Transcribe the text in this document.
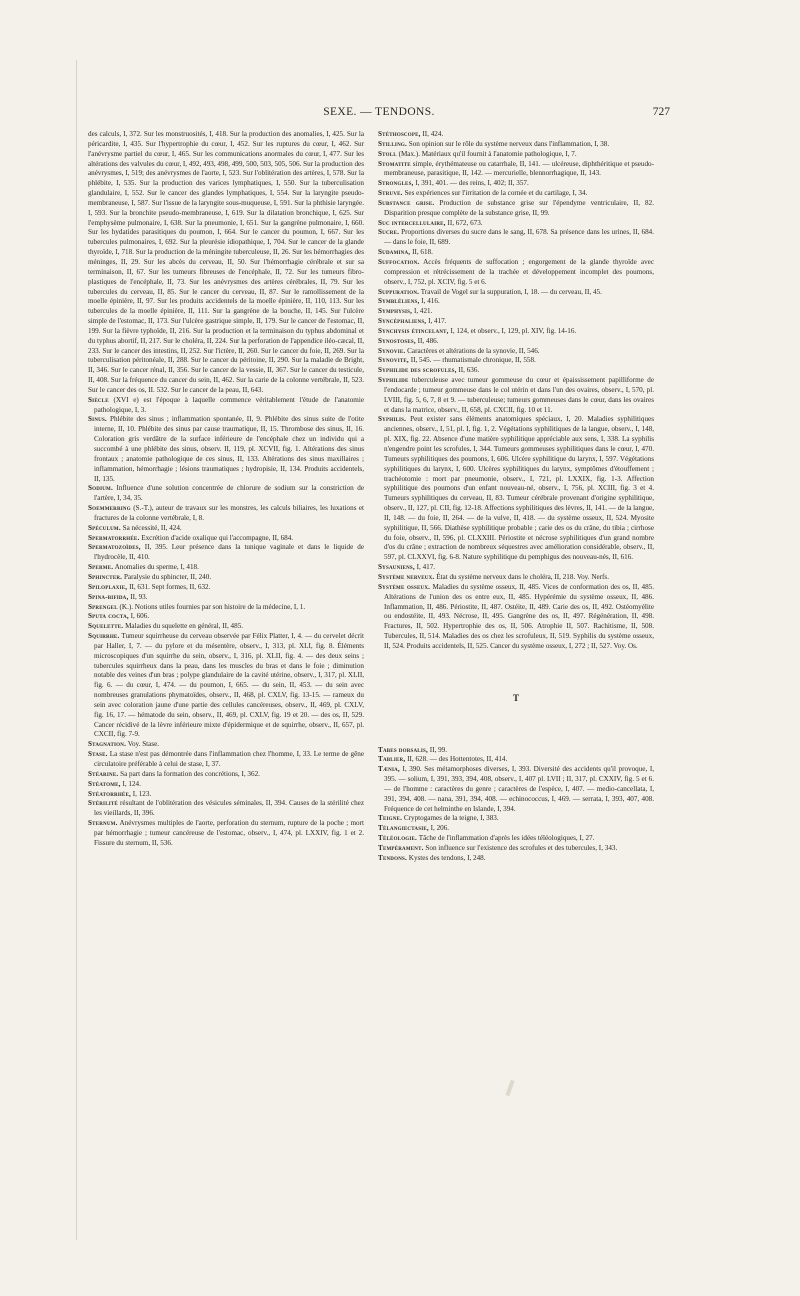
SEXE. — TENDONS.	727

des calculs, I, 372. Sur les monstruosités, I, 418. Sur la production des anomalies, I, 425. Sur la péricardite, I, 435. Sur l'hypertrophie du cœur, I, 452. Sur les ruptures du cœur, I, 462. Sur l'anévrysme partiel du cœur, I, 465. Sur les communications anormales du cœur, I, 477. Sur les altérations des valvules du cœur, I, 492, 493, 498, 499, 500, 503, 505, 506. Sur la production des anévrysmes, I, 519; des anévrysmes de l'aorte, I, 523. Sur l'oblitération des artères, I, 578. Sur la phlébite, I, 535. Sur la production des varices lymphatiques, I, 550. Sur la tuberculisation glandulaire, I, 552. Sur le cancer des glandes lymphatiques, I, 554. Sur la laryngite pseudo-membraneuse, I, 587. Sur l'issue de la laryngite sous-muqueuse, I, 591. Sur la phthisie laryngée. I, 593. Sur la bronchite pseudo-membraneuse, I, 619. Sur la dilatation bronchique, I, 625. Sur l'emphysème pulmonaire, I, 638. Sur la pneumonie, I, 651. Sur la gangrène pulmonaire, I, 660. Sur les hydatides parasitiques du poumon, I, 664. Sur le cancer du poumon, I, 667. Sur les tubercules pulmonaires, I, 692. Sur la pleurésie idiopathique, I, 704. Sur le cancer de la glande thyroïde, I, 718. Sur la production de la méningite tuberculeuse, II, 26. Sur les hémorrhagies des méninges, II, 29. Sur les abcès du cerveau, II, 50. Sur l'hémorrhagie cérébrale et sur sa terminaison, II, 67. Sur les tumeurs fibreuses de l'encéphale, II, 72. Sur les tumeurs fibro-plastiques de l'encéphale, II, 73. Sur les anévrysmes des artères cérébrales, II, 79. Sur les tubercules du cerveau, II, 85. Sur le cancer du cerveau, II, 87. Sur le ramollissement de la moelle épinière, II, 97. Sur les produits accidentels de la moelle épinière, II, 110, 113. Sur les tubercules de la moelle épinière, II, 111. Sur la gangrène de la bouche, II, 145. Sur l'ulcère simple de l'estomac, II, 173. Sur l'ulcère gastrique simple, II, 179. Sur le cancer de l'estomac, II, 199. Sur la fièvre typhoïde, II, 216. Sur la production et la terminaison du typhus abdominal et du typhus abortif, II, 217. Sur le choléra, II, 224. Sur la perforation de l'appendice iléo-cæcal, II, 233. Sur le cancer des intestins, II, 252. Sur l'ictère, II, 260. Sur le cancer du foie, II, 269. Sur la tuberculisation péritonéale, II, 288. Sur le cancer du péritoine, II, 290. Sur la maladie de Bright, II, 346. Sur le cancer rénal, II, 356. Sur le cancer de la vessie, II, 367. Sur le cancer du testicule, II, 408. Sur la fréquence du cancer du sein, II, 462. Sur la carie de la colonne vertébrale, II, 523. Sur le cancer des os, II. 532. Sur le cancer de la peau, II, 643.

Siècle (XVI e) est l'époque à laquelle commence véritablement l'étude de l'anatomie pathologique, I, 3.

Sinus. Phlébite des sinus ; inflammation spontanée, II, 9. Phlébite des sinus suite de l'otite interne, II, 10. Phlébite des sinus par cause traumatique, II, 15. Thrombose des sinus, II, 16. Coloration gris verdâtre de la surface inférieure de l'encéphale chez un individu qui a succombé à une phlébite des sinus, observ. II, 119, pl. XCVII, fig. 1. Altérations des sinus frontaux ; anatomie pathologique de ces sinus, II, 133. Altérations des sinus maxillaires ; inflammation, hémorrhagie ; lésions traumatiques ; hydropisie, II, 134. Produits accidentels, II, 135.

Sodium. Influence d'une solution concentrée de chlorure de sodium sur la constriction de l'artère, I, 34, 35.

Soemmerring (S.-T.), auteur de travaux sur les monstres, les calculs biliaires, les luxations et fractures de la colonne vertébrale, I, 8.

Spéculum. Sa nécessité, II, 424.

Spermatorrhée. Excrétion d'acide oxalique qui l'accompagne, II, 684.

Spermatozoïdes, II, 395. Leur présence dans la tunique vaginale et dans le liquide de l'hydrocèle, II, 410.

Sperme. Anomalies du sperme, I, 418.

Sphincter. Paralysie du sphincter, II, 240.

Spiloplaxie, II, 631. Sept formes, II, 632.

Spina-bifida, II, 93.

Sprengel (K.). Notions utiles fournies par son histoire de la médecine, I, 1.

Sputa cocta, I, 606.

Squelette. Maladies du squelette en général, II, 485.

Squirrhe. Tumeur squirrheuse du cerveau observée par Félix Platter, I, 4. — du cervelet décrit par Haller, I, 7. — du pylore et du mésentère, observ., I, 313, pl. XLI, fig. 8. Éléments microscopiques d'un squirrhe du sein, observ., I, 316, pl. XLII, fig. 4. — des deux seins ; tubercules squirrheux dans la peau, dans les muscles du bras et dans le foie ; diminution notable des veines d'un bras ; polype glandulaire de la cavité utérine, observ., I, 317, pl. XLII, fig. 6. — du cœur, I, 474. — du poumon, I, 665. — du sein, II, 453. — du sein avec nombreuses granulations phymatoïdes, observ., II, 468, pl. CXLV, fig. 13-15. — rameux du sein avec coloration jaune d'une partie des cellules cancéreuses, observ., II, 469, pl. CXLV, fig. 16, 17. — hématode du sein, observ., II, 469, pl. CXLV, fig. 19 et 20. — des os, II, 529. Cancer récidivé de la lèvre inférieure mixte d'épidermique et de squirrhe, observ., II, 657, pl. CXCII, fig. 7-9.

Stagnation. Voy. Stase.

Stase. La stase n'est pas démontrée dans l'inflammation chez l'homme, I, 33. Le terme de gêne circulatoire préférable à celui de stase, I, 37.

Stéarine. Sa part dans la formation des concrétions, I, 362.

Stéatome, I, 124.

Stéatorrhée, I, 123.

Stérilité résultant de l'oblitération des vésicules séminales, II, 394. Causes de la stérilité chez les vieillards, II, 396.

Sternum. Anévrysmes multiples de l'aorte, perforation du sternum, rupture de la poche ; mort par hémorrhagie ; tumeur cancéreuse de l'estomac, observ., I, 474, pl. LXXIV, fig. 1 et 2. Fissure du sternum, II, 536.

Stéthoscope, II, 424.

Stilling. Son opinion sur le rôle du système nerveux dans l'inflammation, I, 38.

Stoll (Max.). Matériaux qu'il fournit à l'anatomie pathologique, I, 7.

Stomatite simple, érythémateuse ou catarrhale, II, 141. — ulcéreuse, diphthéritique et pseudo-membraneuse, parasitique, II, 142. — mercurielle, blennorrhagique, II, 143.

Strongles, I, 391, 401. — des reins, I, 402; II, 357.

Struve. Ses expériences sur l'irritation de la cornée et du cartilage, I, 34.

Substance grise. Production de substance grise sur l'épendyme ventriculaire, II, 82. Disparition presque complète de la substance grise, II, 99.

Suc intercellulaire, II, 672, 673.

Sucre. Proportions diverses du sucre dans le sang, II, 678. Sa présence dans les urines, II, 684. — dans le foie, II, 689.

Sudamina, II, 618.

Suffocation. Accès fréquents de suffocation ; engorgement de la glande thyroïde avec compression et rétrécissement de la trachée et développement incomplet des poumons, observ., I, 752, pl. XCIV, fig. 5 et 6.

Suppuration. Travail de Vogel sur la suppuration, I, 18. — du cerveau, II, 45.

Symbléliens, I, 416.

Symphysis, I, 421.

Syncéphaliens, I, 417.

Synchysis étincelant, I, 124, et observ., I, 129, pl. XIV, fig. 14-16.

Synostoses, II, 486.

Synovie. Caractères et altérations de la synovie, II, 546.

Synovite, II, 545. — rhumatismale chronique, II, 558.

Syphilide des scrofules, II, 636.

Syphilide tuberculeuse avec tumeur gommeuse du cœur et épaississement papilliforme de l'endocarde ; tumeur gommeuse dans le col utérin et dans l'un des ovaires, observ., I, 570, pl. LVIII, fig. 5, 6, 7, 8 et 9. — tuberculeuse; tumeurs gommeuses dans le cœur, dans les ovaires et dans la matrice, observ., II, 658, pl. CXCII, fig. 10 et 11.

Syphilis. Peut exister sans éléments anatomiques spéciaux, I, 20. Maladies syphilitiques anciennes, observ., I, 51, pl. I, fig. 1, 2. Végétations syphilitiques de la langue, observ., I, 148, pl. XIX, fig. 22. Absence d'une matière syphilitique appréciable aux sens, I, 338. La syphilis n'engendre point les scrofules, I, 344. Tumeurs gommeuses syphilitiques dans le cœur, I, 470. Tumeurs syphilitiques des poumons, I, 606. Ulcère syphilitique du larynx, I, 597. Végétations syphilitiques du larynx, I, 600. Ulcères syphilitiques du larynx, symptômes d'étouffement ; trachéotomie : mort par pneumonie, observ., I, 721, pl. LXXIX, fig. 1-3. Affection syphilitique des poumons d'un enfant nouveau-né, observ., I, 756, pl. XCIII, fig. 3 et 4. Tumeurs syphilitiques du cerveau, II, 83. Tumeur cérébrale provenant d'origine syphilitique, observ., II, 127, pl. CII, fig. 12-18. Affections syphilitiques des lèvres, II, 141. — de la langue, II, 148. — du foie, II, 264. — de la vulve, II, 418. — du système osseux, II, 524. Myosite syphilitique, II, 566. Diathèse syphilitique probable ; carie des os du crâne, du tibia ; cirrhose du foie, observ., II, 596, pl. CLXXIII. Périostite et nécrose syphilitiques d'un grand nombre d'os du crâne ; extraction de nombreux séquestres avec amélioration considérable, observ., II, 597, pl. CLXXVI, fig. 6-8. Nature syphilitique du pemphigus des nouveau-nés, II, 616.

Sysauniens, I, 417.

Système nerveux. État du système nerveux dans le choléra, II, 218. Voy. Nerfs.

Système osseux. Maladies du système osseux, II, 485. Vices de conformation des os, II, 485. Altérations de l'union des os entre eux, II, 485. Hypérémie du système osseux, II, 486. Inflammation, II, 486. Périostite, II, 487. Ostéite, II, 489. Carie des os, II, 492. Ostéomyélite ou endostéite, II, 493. Nécrose, II, 495. Gangrène des os, II, 497. Régénération, II, 498. Fractures, II, 502. Hypertrophie des os, II, 506. Atrophie II, 507. Rachitisme, II, 508. Tubercules, II, 514. Maladies des os chez les scrofuleux, II, 519. Syphilis du système osseux, II, 524. Produits accidentels, II, 525. Cancer du système osseux, I, 272 ; II, 527. Voy. Os.

T

Tabes dorsalis, II, 99.

Tablier, II, 628. — des Hottentotes, II, 414.

Tænia, I, 390. Ses métamorphoses diverses, I, 393. Diversité des accidents qu'il provoque, I, 395. — solium, I, 391, 393, 394, 408, observ., I, 407 pl. LVII ; II, 317, pl. CXXIV, fig. 5 et 6. — de l'homme : caractères du genre ; caractères de l'espèce, I, 407. — medio-cancellata, I, 391, 394, 408. — nana, 391, 394, 408. — echinococcus, I, 469. — serrata, I, 393, 407, 408. Fréquence de cet helminthe en Islande, I, 394.

Teigne. Cryptogames de la teigne, I, 383.

Télangiectasie, I, 206.

Téléologie. Tâche de l'inflammation d'après les idées téléologiques, I, 27.

Tempérament. Son influence sur l'existence des scrofules et des tubercules, I, 343.

Tendons. Kystes des tendons, I, 248.
